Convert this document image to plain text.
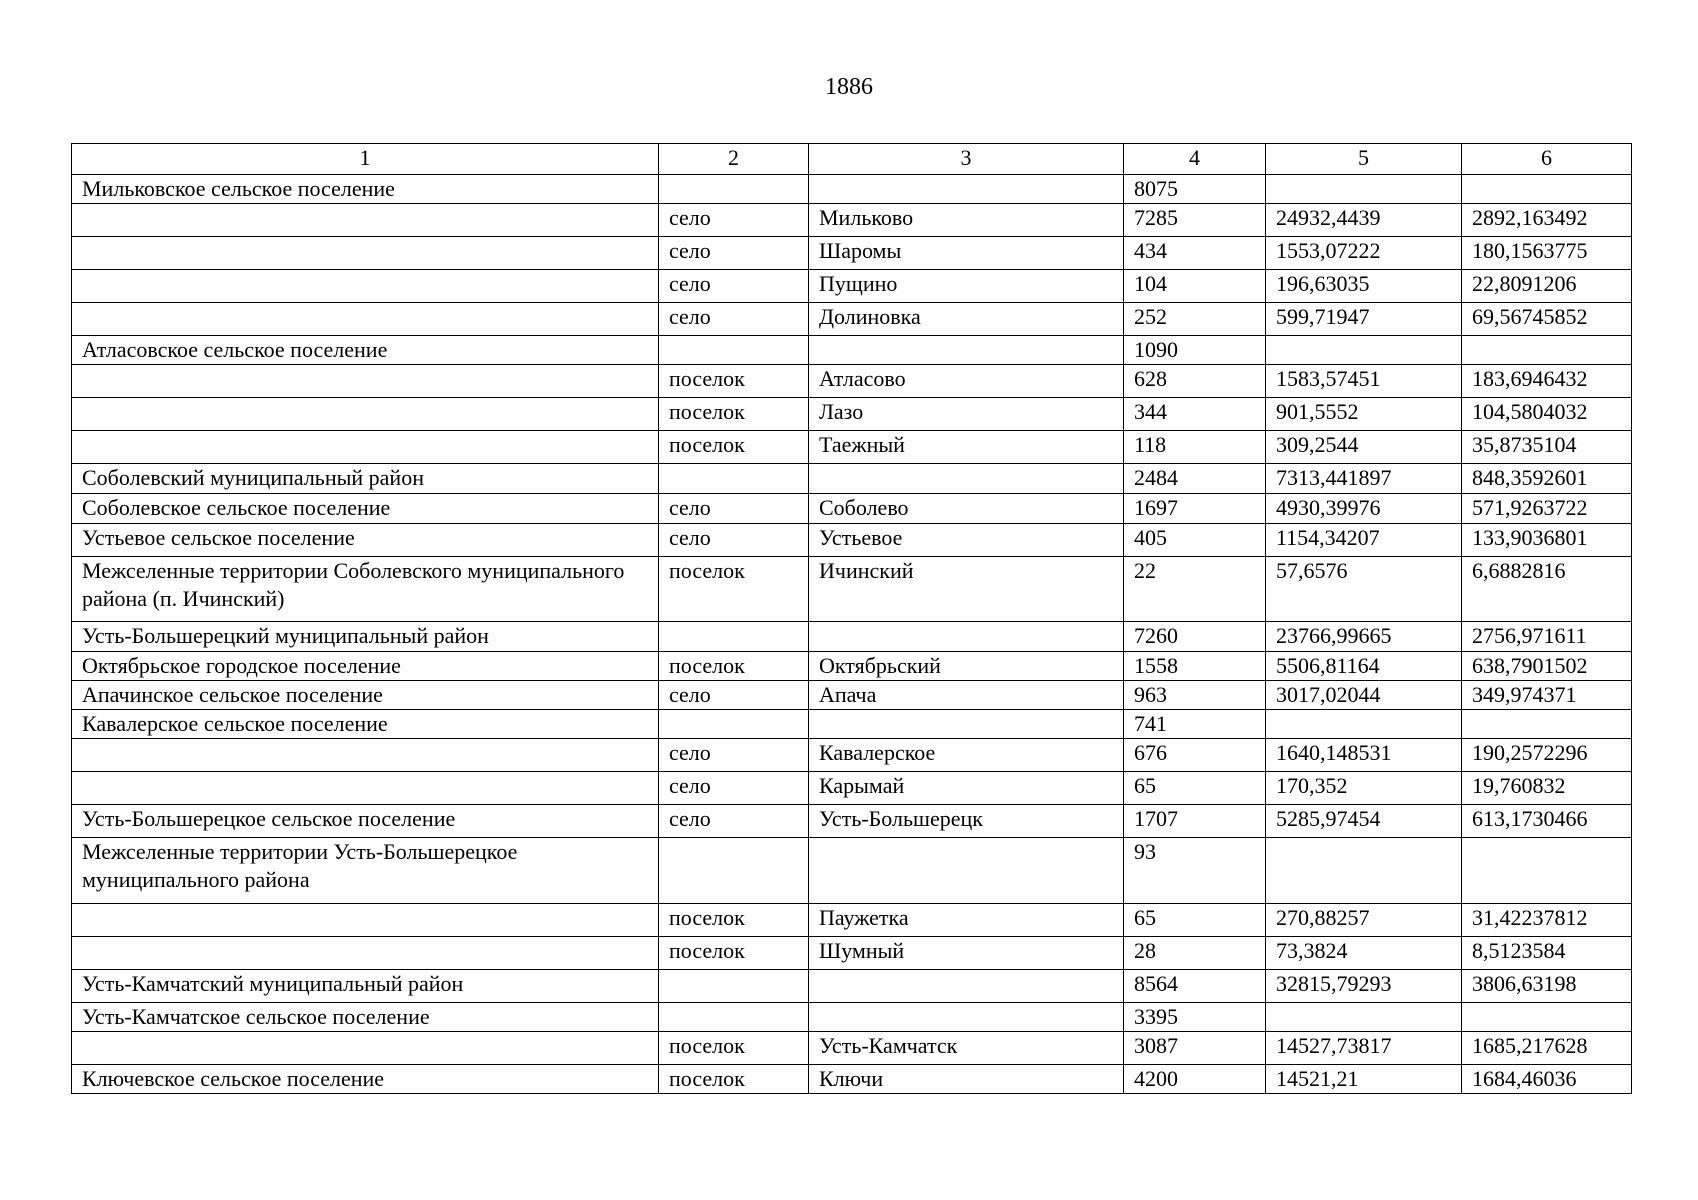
1886
1	2	3	4	5	6
Мильковское сельское поселение			8075		
	село	Мильково	7285	24932,4439	2892,163492
	село	Шаромы	434	1553,07222	180,1563775
	село	Пущино	104	196,63035	22,8091206
	село	Долиновка	252	599,71947	69,56745852
Атласовское сельское поселение			1090		
	поселок	Атласово	628	1583,57451	183,6946432
	поселок	Лазо	344	901,5552	104,5804032
	поселок	Таежный	118	309,2544	35,8735104
Соболевский муниципальный район			2484	7313,441897	848,3592601
Соболевское сельское поселение	село	Соболево	1697	4930,39976	571,9263722
Устьевое сельское поселение	село	Устьевое	405	1154,34207	133,9036801
Межселенные территории Соболевского муниципального района (п. Ичинский)	поселок	Ичинский	22	57,6576	6,6882816
Усть-Большерецкий муниципальный район			7260	23766,99665	2756,971611
Октябрьское городское поселение	поселок	Октябрьский	1558	5506,81164	638,7901502
Апачинское сельское поселение	село	Апача	963	3017,02044	349,974371
Кавалерское сельское поселение			741		
	село	Кавалерское	676	1640,148531	190,2572296
	село	Карымай	65	170,352	19,760832
Усть-Большерецкое сельское поселение	село	Усть-Большерецк	1707	5285,97454	613,1730466
Межселенные территории Усть-Большерецкое муниципального района			93		
	поселок	Паужетка	65	270,88257	31,42237812
	поселок	Шумный	28	73,3824	8,5123584
Усть-Камчатский муниципальный район			8564	32815,79293	3806,63198
Усть-Камчатское сельское поселение			3395		
	поселок	Усть-Камчатск	3087	14527,73817	1685,217628
Ключевское сельское поселение	поселок	Ключи	4200	14521,21	1684,46036
